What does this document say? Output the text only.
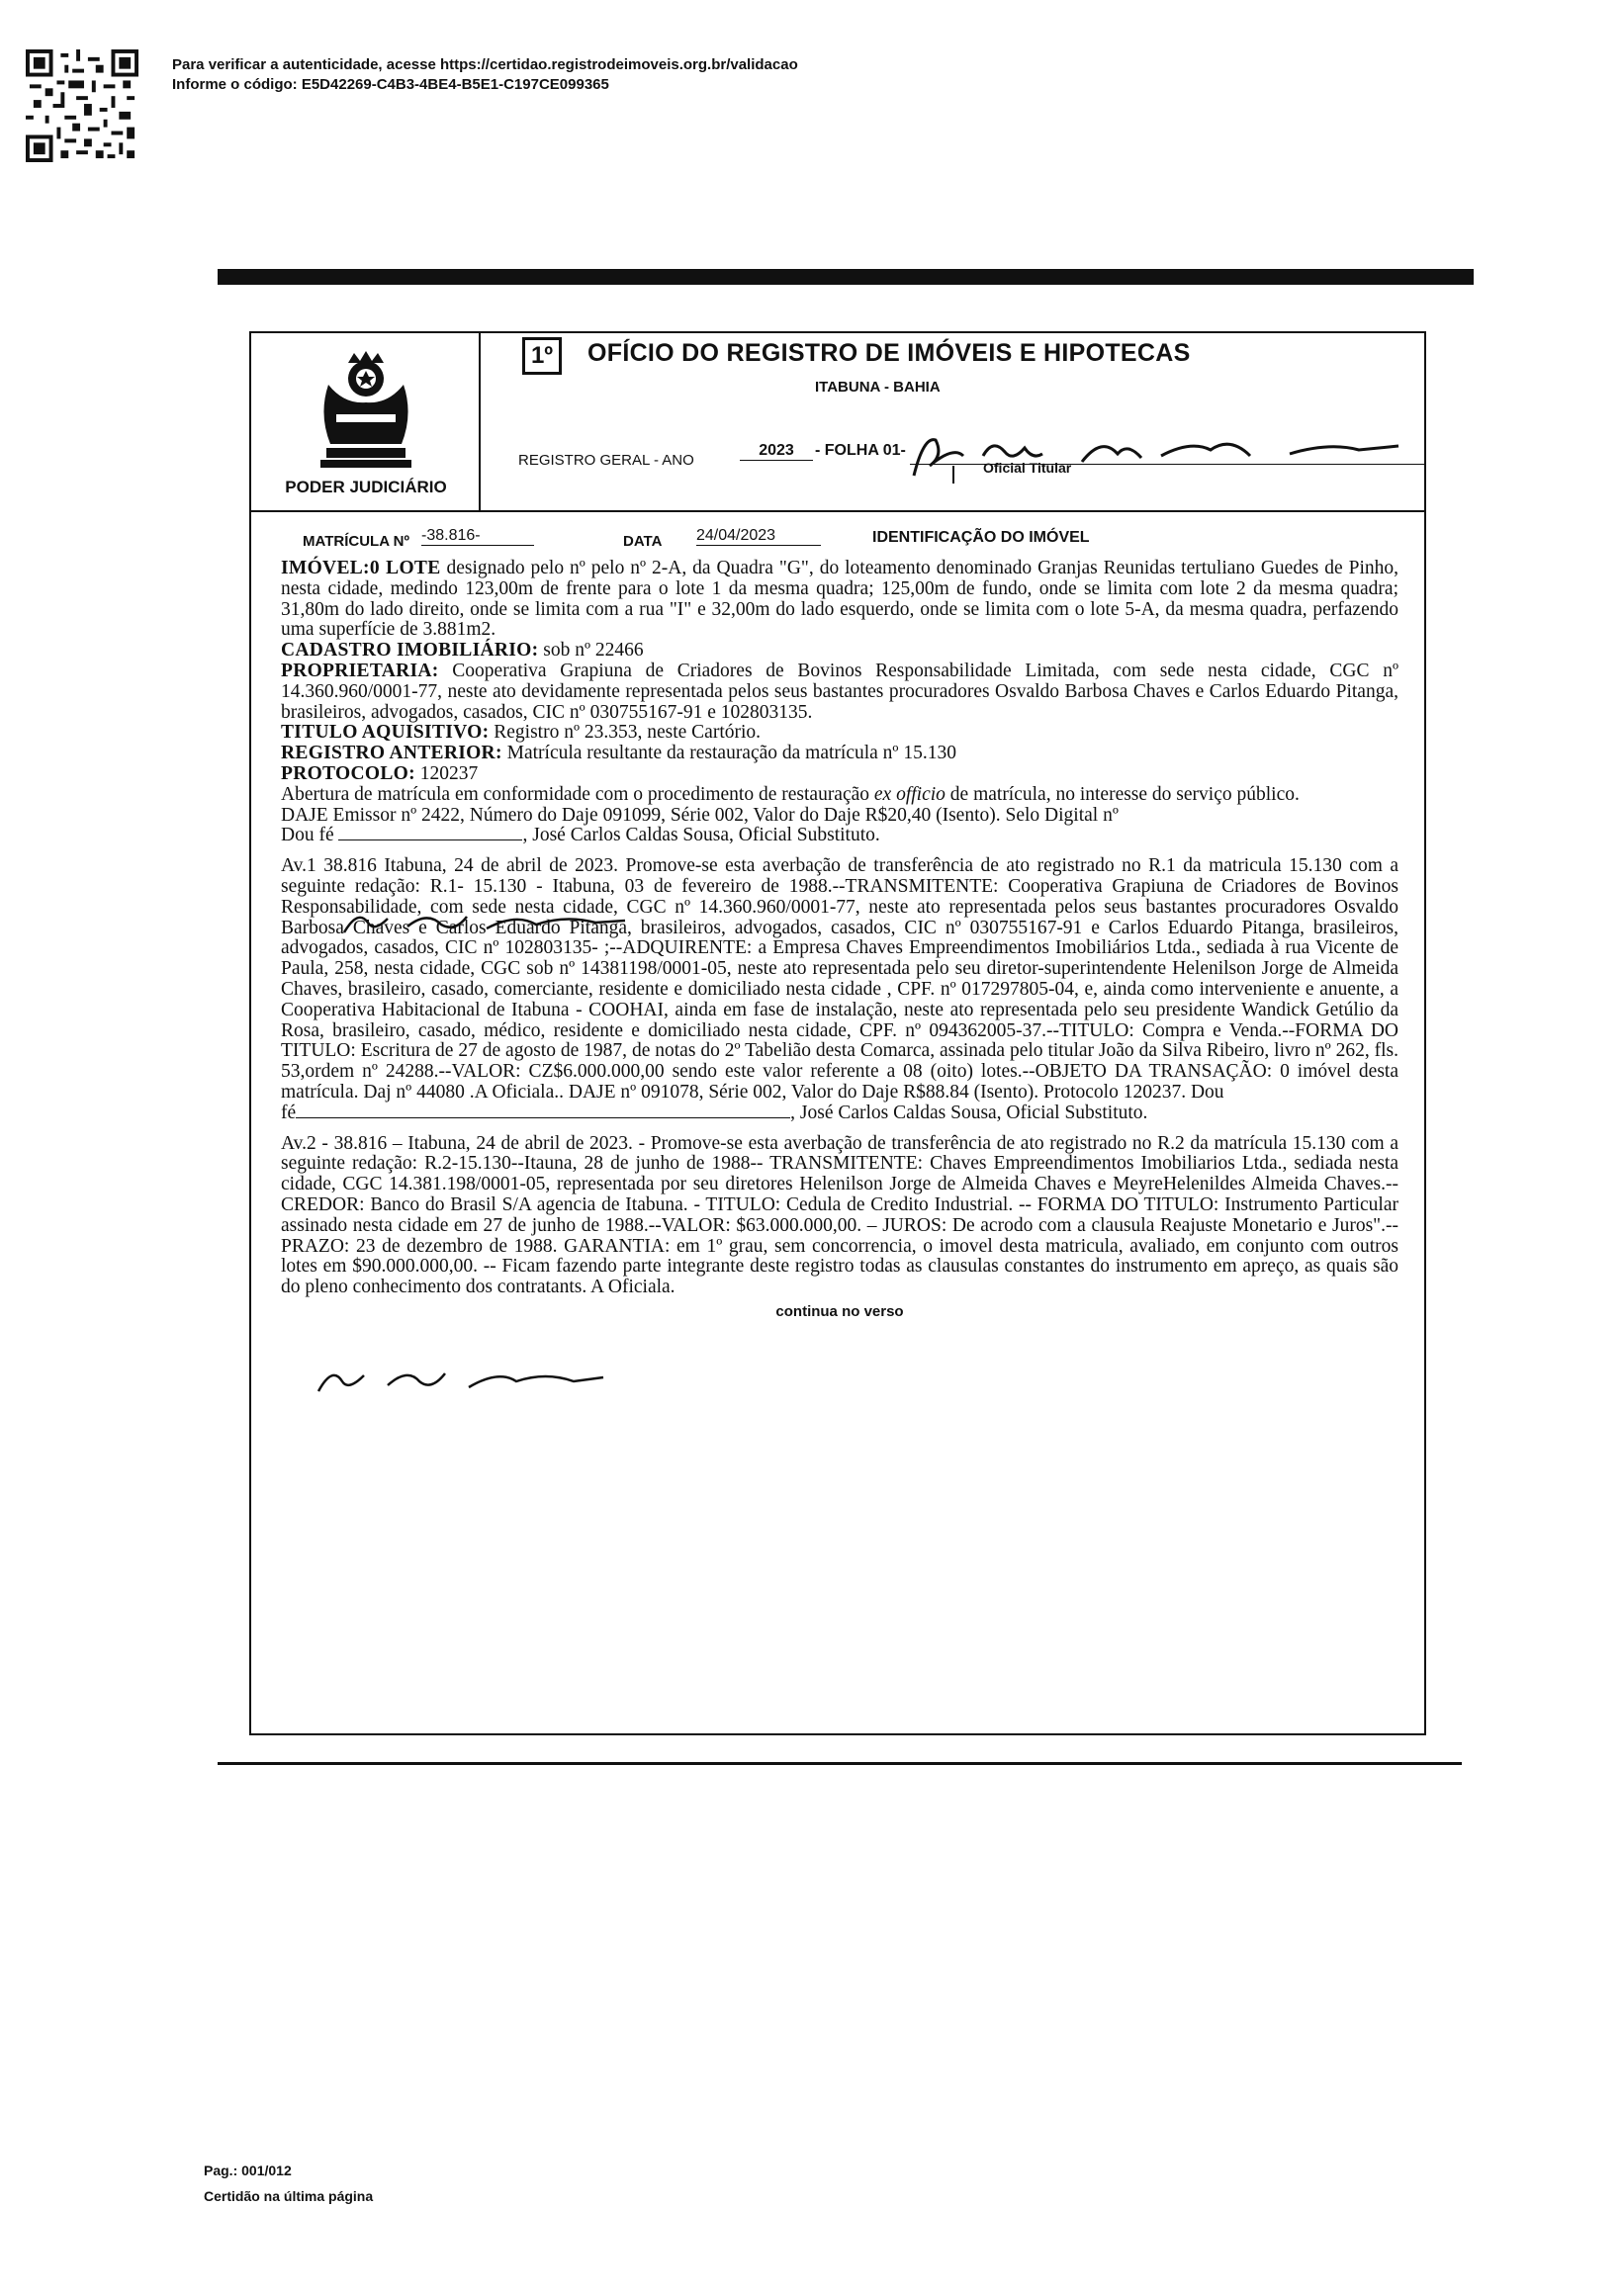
Para verificar a autenticidade, acesse https://certidao.registrodeimoveis.org.br/validacao
Informe o código: E5D42269-C4B3-4BE4-B5E1-C197CE099365
PODER JUDICIÁRIO
1º	OFÍCIO DO REGISTRO DE IMÓVEIS E HIPOTECAS
ITABUNA - BAHIA
REGISTRO GERAL - ANO
2023	- FOLHA 01-
Oficial Titular
MATRÍCULA Nº -38.816-	DATA 24/04/2023	IDENTIFICAÇÃO DO IMÓVEL

IMÓVEL:0 LOTE designado pelo nº pelo nº 2-A, da Quadra "G", do loteamento denominado Granjas Reunidas tertuliano Guedes de Pinho, nesta cidade, medindo 123,00m de frente para o lote 1 da mesma quadra; 125,00m de fundo, onde se limita com lote 2 da mesma quadra; 31,80m do lado direito, onde se limita com a rua "I" e 32,00m do lado esquerdo, onde se limita com o lote 5-A, da mesma quadra, perfazendo uma superfície de 3.881m2.

CADASTRO IMOBILIÁRIO: sob nº 22466

PROPRIETARIA: Cooperativa Grapiuna de Criadores de Bovinos Responsabilidade Limitada, com sede nesta cidade, CGC nº 14.360.960/0001-77, neste ato devidamente representada pelos seus bastantes procuradores Osvaldo Barbosa Chaves e Carlos Eduardo Pitanga, brasileiros, advogados, casados, CIC nº 030755167-91 e 102803135.

TITULO AQUISITIVO: Registro nº 23.353, neste Cartório.

REGISTRO ANTERIOR: Matrícula resultante da restauração da matrícula nº 15.130

PROTOCOLO: 120237

Abertura de matrícula em conformidade com o procedimento de restauração ex officio de matrícula, no interesse do serviço público.

DAJE Emissor nº 2422, Número do Daje 091099, Série 002, Valor do Daje R$20,40 (Isento). Selo Digital nº

Dou fé	, José Carlos Caldas Sousa, Oficial Substituto.

Av.1 38.816 Itabuna, 24 de abril de 2023. Promove-se esta averbação de transferência de ato registrado no R.1 da matricula 15.130 com a seguinte redação: R.1- 15.130 - Itabuna, 03 de fevereiro de 1988.--TRANSMITENTE: Cooperativa Grapiuna de Criadores de Bovinos Responsabilidade, com sede nesta cidade, CGC nº 14.360.960/0001-77, neste ato representada pelos seus bastantes procuradores Osvaldo Barbosa Chaves e Carlos Eduardo Pitanga, brasileiros, advogados, casados, CIC nº 030755167-91 e Carlos Eduardo Pitanga, brasileiros, advogados, casados, CIC nº 102803135- ;--ADQUIRENTE: a Empresa Chaves Empreendimentos Imobiliários Ltda., sediada à rua Vicente de Paula, 258, nesta cidade, CGC sob nº 14381198/0001-05, neste ato representada pelo seu diretor-superintendente Helenilson Jorge de Almeida Chaves, brasileiro, casado, comerciante, residente e domiciliado nesta cidade , CPF. nº 017297805-04, e, ainda como interveniente e anuente, a Cooperativa Habitacional de Itabuna - COOHAI, ainda em fase de instalação, neste ato representada pelo seu presidente Wandick Getúlio da Rosa, brasileiro, casado, médico, residente e domiciliado nesta cidade, CPF. nº 094362005-37.--TITULO: Compra e Venda.--FORMA DO TITULO: Escritura de 27 de agosto de 1987, de notas do 2º Tabelião desta Comarca, assinada pelo titular João da Silva Ribeiro, livro nº 262, fls. 53,ordem nº 24288.--VALOR: CZ$6.000.000,00 sendo este valor referente a 08 (oito) lotes.--OBJETO DA TRANSAÇÃO: 0 imóvel desta matrícula. Daj nº 44080 .A Oficiala.. DAJE nº 091078, Série 002, Valor do Daje R$88.84 (Isento). Protocolo 120237. Dou

fé	, José Carlos Caldas Sousa, Oficial Substituto.

Av.2 - 38.816 – Itabuna, 24 de abril de 2023. - Promove-se esta averbação de transferência de ato registrado no R.2 da matrícula 15.130 com a seguinte redação: R.2-15.130--Itauna, 28 de junho de 1988-- TRANSMITENTE: Chaves Empreendimentos Imobiliarios Ltda., sediada nesta cidade, CGC 14.381.198/0001-05, representada por seu diretores Helenilson Jorge de Almeida Chaves e MeyreHelenildes Almeida Chaves.-- CREDOR: Banco do Brasil S/A agencia de Itabuna. - TITULO: Cedula de Credito Industrial. -- FORMA DO TITULO: Instrumento Particular assinado nesta cidade em 27 de junho de 1988.--VALOR: $63.000.000,00. – JUROS: De acrodo com a clausula Reajuste Monetario e Juros".-- PRAZO: 23 de dezembro de 1988. GARANTIA: em 1º grau, sem concorrencia, o imovel desta matricula, avaliado, em conjunto com outros lotes em $90.000.000,00. -- Ficam fazendo parte integrante deste registro todas as clausulas constantes do instrumento em apreço, as quais são do pleno conhecimento dos contratants. A Oficiala.

continua no verso
Pag.: 001/012
Certidão na última página
